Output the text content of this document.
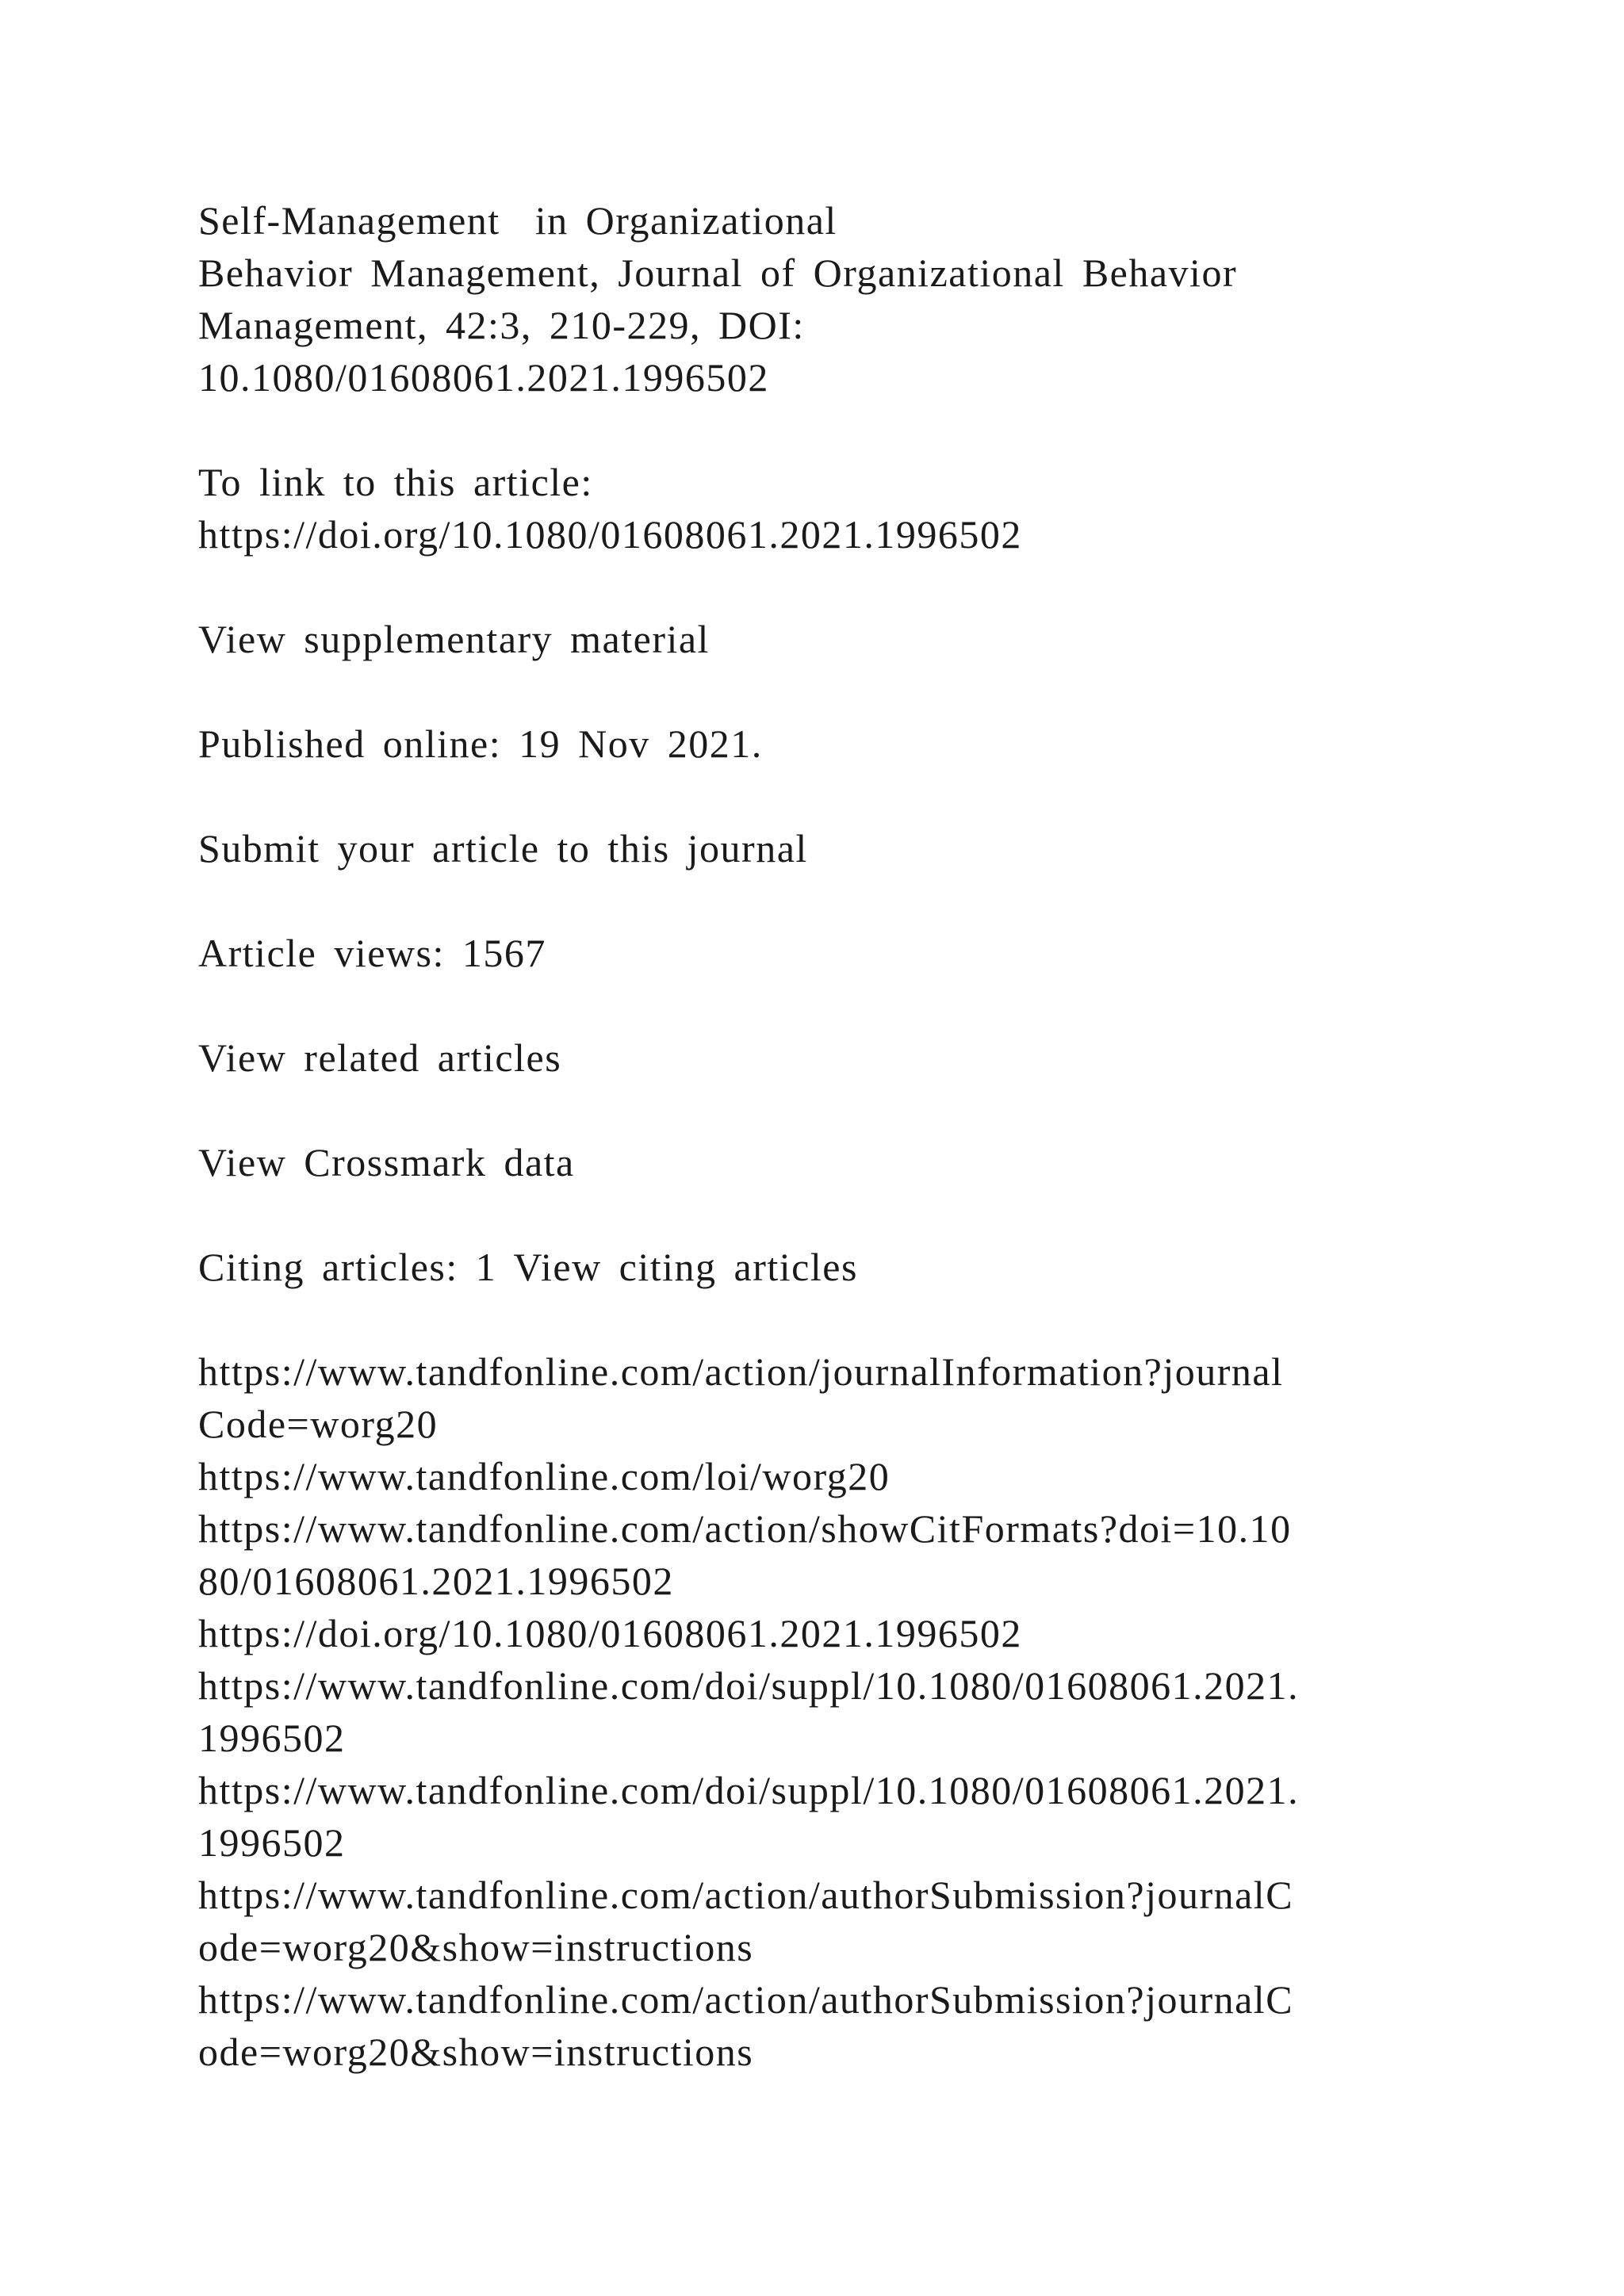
Self-Management  in Organizational
Behavior Management, Journal of Organizational Behavior
Management, 42:3, 210-229, DOI:
10.1080/01608061.2021.1996502
To link to this article:
https://doi.org/10.1080/01608061.2021.1996502
View supplementary material
Published online: 19 Nov 2021.
Submit your article to this journal
Article views: 1567
View related articles
View Crossmark data
Citing articles: 1 View citing articles
https://www.tandfonline.com/action/journalInformation?journal
Code=worg20
https://www.tandfonline.com/loi/worg20
https://www.tandfonline.com/action/showCitFormats?doi=10.10
80/01608061.2021.1996502
https://doi.org/10.1080/01608061.2021.1996502
https://www.tandfonline.com/doi/suppl/10.1080/01608061.2021.
1996502
https://www.tandfonline.com/doi/suppl/10.1080/01608061.2021.
1996502
https://www.tandfonline.com/action/authorSubmission?journalC
ode=worg20&show=instructions
https://www.tandfonline.com/action/authorSubmission?journalC
ode=worg20&show=instructions
